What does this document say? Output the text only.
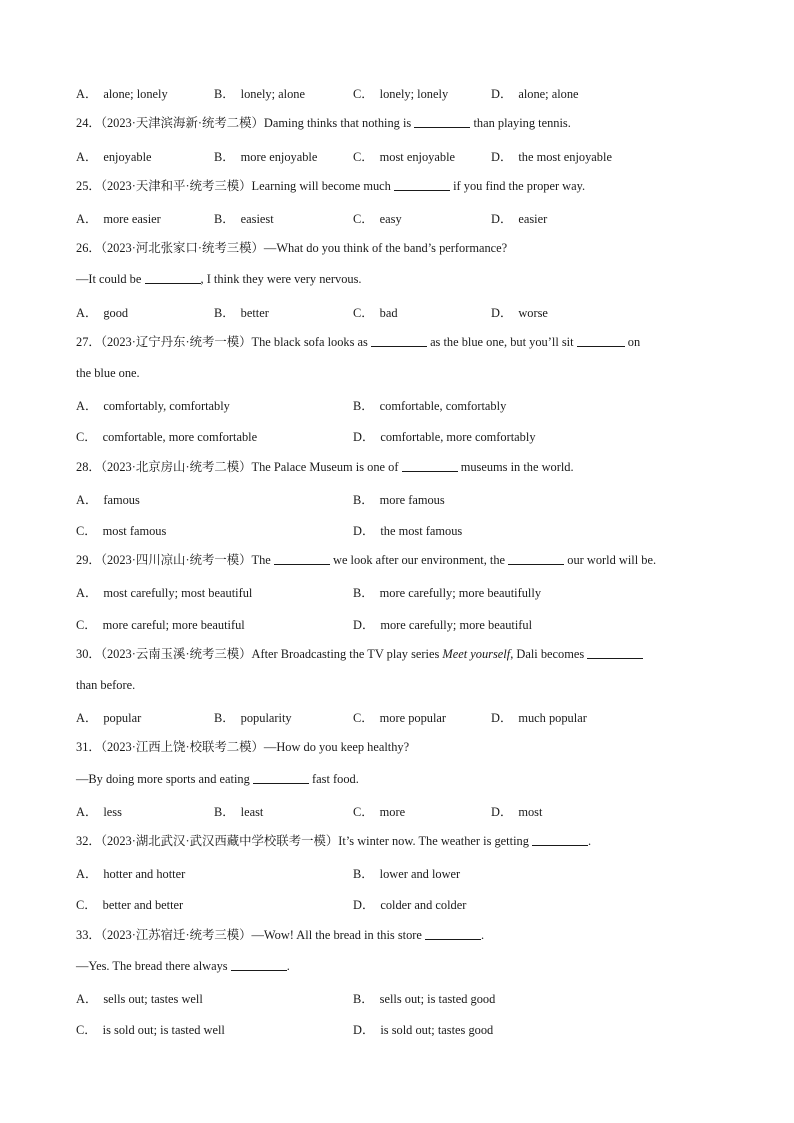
A． alone; lonely	B． lonely; alone	C． lonely; lonely	D． alone; alone
24．（2023·天津滨海新·统考二模）Daming thinks that nothing is	than playing tennis.
A． enjoyable	B． more enjoyable	C． most enjoyable	D． the most enjoyable
25．（2023·天津和平·统考三模）Learning will become much	if you find the proper way.
A． more easier	B． easiest	C． easy	D． easier
26．（2023·河北张家口·统考三模）—What do you think of the band’s performance?
—It could be	, I think they were very nervous.
A． good	B． better	C． bad	D． worse
27．（2023·辽宁丹东·统考一模）The black sofa looks as	as the blue one, but you’ll sit	on
the blue one.
A． comfortably, comfortably	B． comfortable, comfortably
C． comfortable, more comfortable	D． comfortable, more comfortably
28．（2023·北京房山·统考二模）The Palace Museum is one of	museums in the world.
A． famous	B． more famous
C． most famous	D． the most famous
29．（2023·四川凉山·统考一模）The	we look after our environment, the	our world will be.
A． most carefully; most beautiful	B． more carefully; more beautifully
C． more careful; more beautiful	D． more carefully; more beautiful
30．（2023·云南玉溪·统考三模）After Broadcasting the TV play series Meet yourself, Dali becomes
than before.
A． popular	B． popularity	C． more popular	D． much popular
31．（2023·江西上饶·校联考二模）—How do you keep healthy?
—By doing more sports and eating	fast food.
A． less	B． least	C． more	D． most
32．（2023·湖北武汉·武汉西藏中学校联考一模）It’s winter now. The weather is getting	.
A． hotter and hotter	B． lower and lower
C． better and better	D． colder and colder
33．（2023·江苏宿迁·统考三模）—Wow! All the bread in this store	.
—Yes. The bread there always	.
A． sells out; tastes well	B． sells out; is tasted good
C． is sold out; is tasted well	D． is sold out; tastes good
